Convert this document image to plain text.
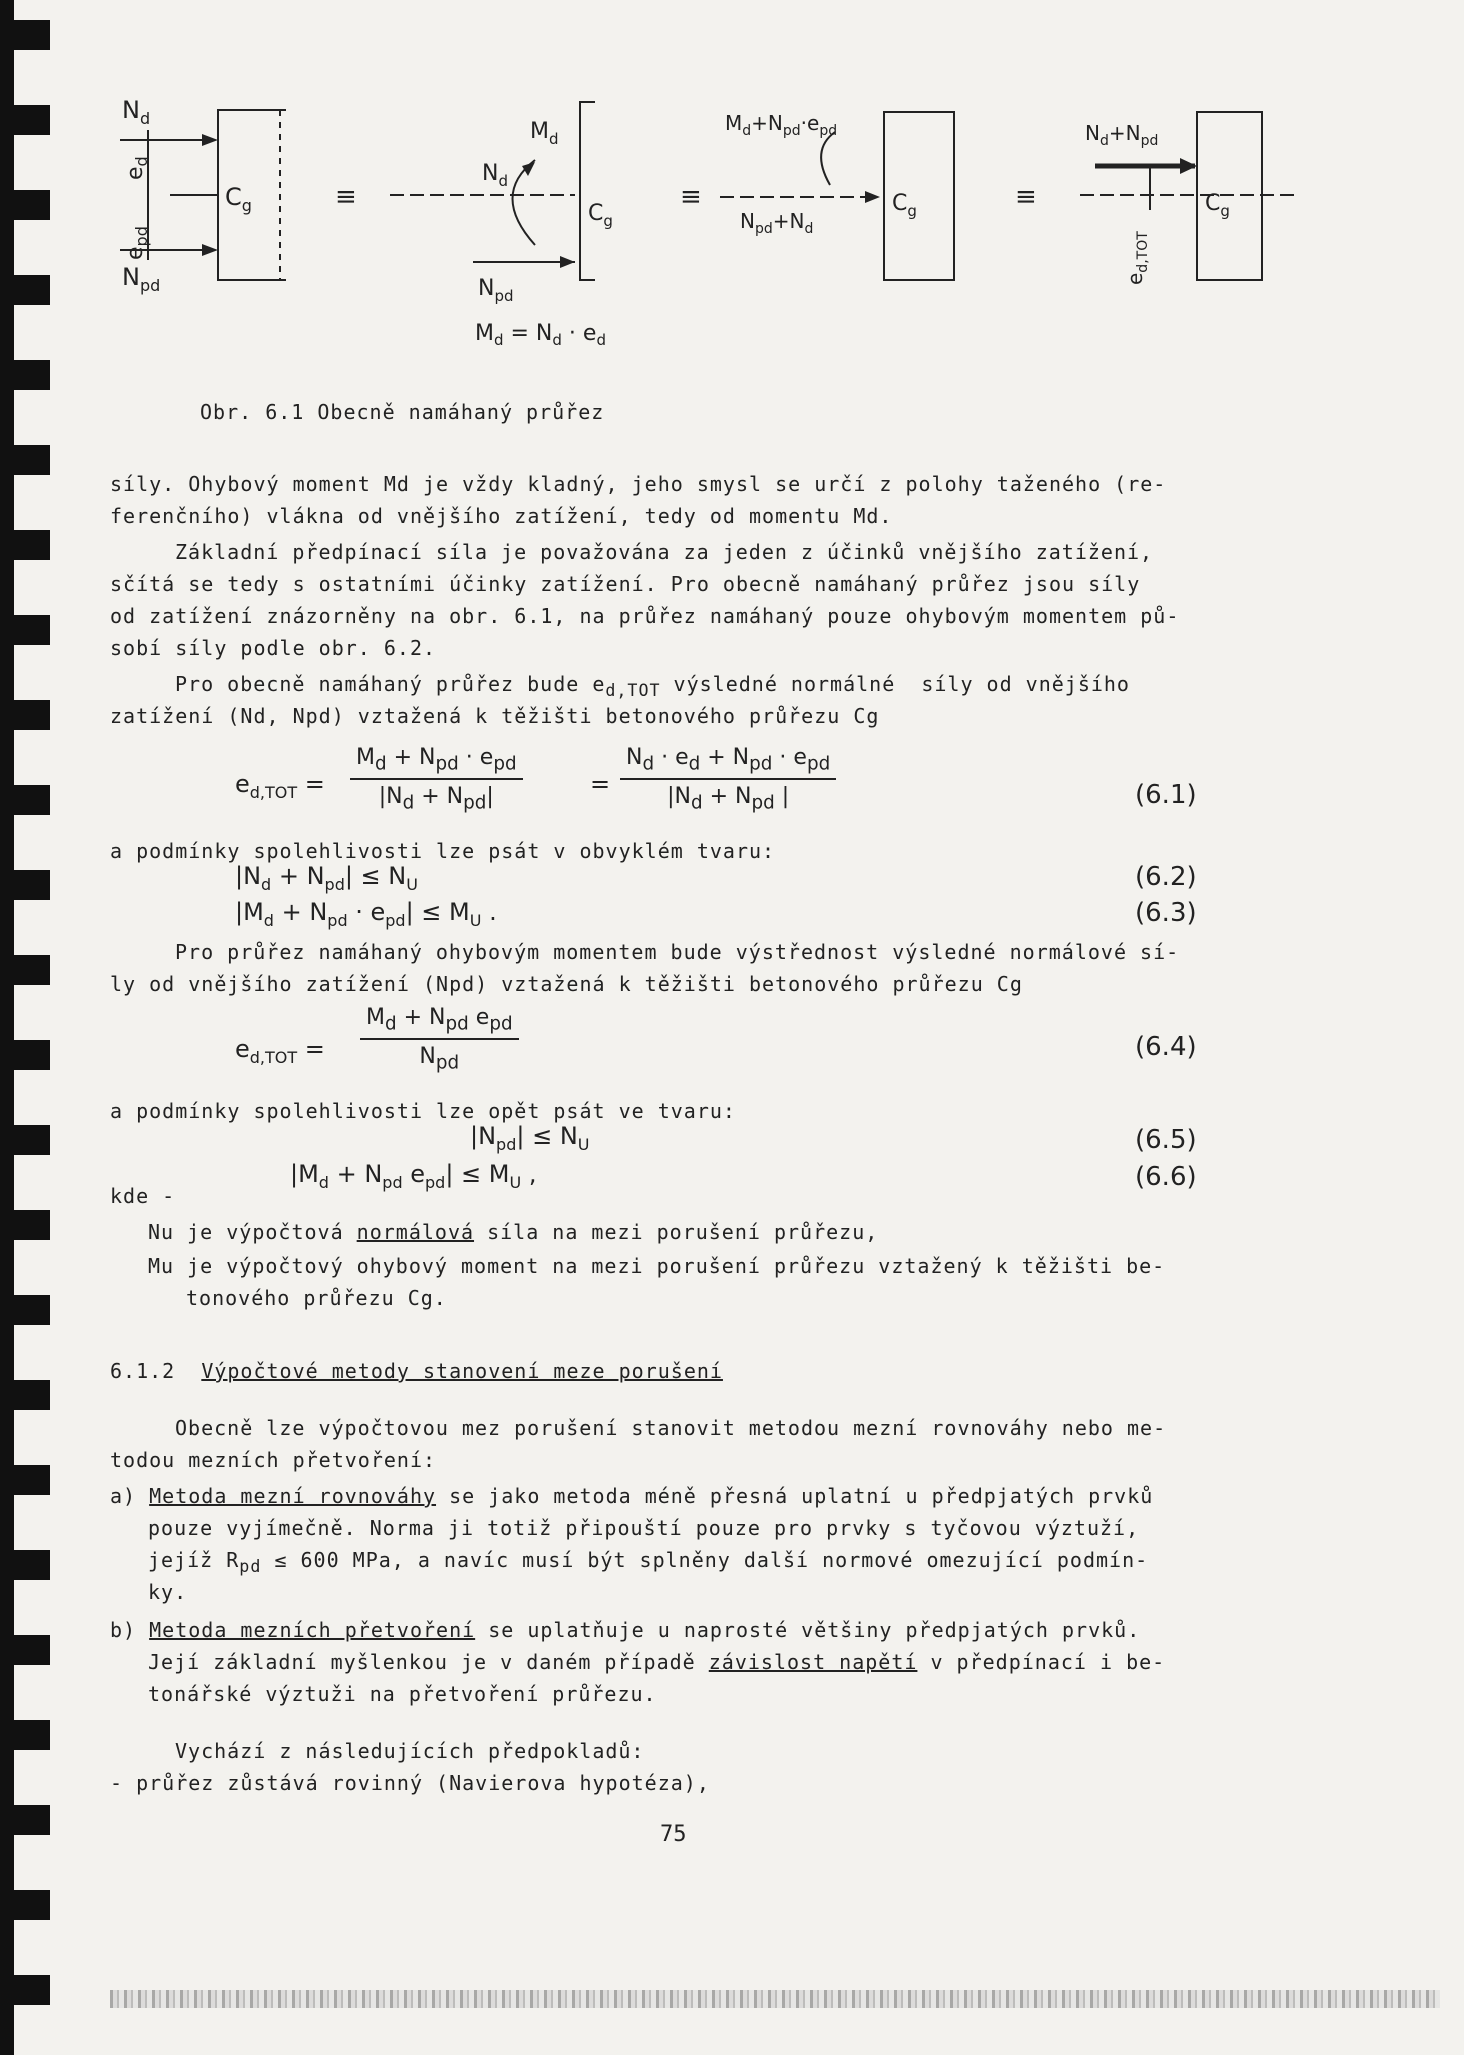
$N_d$
$N_{pd}$
$e_d$
$e_{pd}$
$C_g$	≡
$M_d$
$N_d$
$N_{pd}$
$C_g$
$M_d = N_d \cdot e_d$
≡
$M_d+N_{pd}\cdot e_{pd}$
$N_{pd}+N_d$
$C_g$	≡
$N_d+N_{pd}$
$e_{d,TOT}$
$C_g$
Obr. 6.1 Obecně namáhaný průřez
síly. Ohybový moment Md je vždy kladný, jeho smysl se určí z polohy taženého (re-
ferenčního) vlákna od vnějšího zatížení, tedy od momentu Md.
Základní předpínací síla je považována za jeden z účinků vnějšího zatížení,
sčítá se tedy s ostatními účinky zatížení. Pro obecně namáhaný průřez jsou síly
od zatížení znázorněny na obr. 6.1, na průřez namáhaný pouze ohybovým momentem pů-
sobí síly podle obr. 6.2.
Pro obecně namáhaný průřez bude $e_{d,TOT}$ výsledné normálné  síly od vnějšího
zatížení (Nd, Npd) vztažená k těžišti betonového průřezu Cg
$e_{d,TOT}$ =
$M_d + N_{pd} \cdot e_{pd}$
$|N_d + N_{pd}|$	=
$N_d \cdot e_d + N_{pd} \cdot e_{pd}$
$|N_d + N_{pd}$ |	(6.1)
a podmínky spolehlivosti lze psát v obvyklém tvaru:
$|N_d + N_{pd}| \le N_U$	(6.2)
$|M_d + N_{pd} \cdot e_{pd}| \le M_U$ .	(6.3)
Pro průřez namáhaný ohybovým momentem bude výstřednost výsledné normálové sí-
ly od vnějšího zatížení (Npd) vztažená k těžišti betonového průřezu Cg
$e_{d,TOT}$ =
$M_d + N_{pd}$ $e_{pd}$
$N_{pd}$
(6.4)
a podmínky spolehlivosti lze opět psát ve tvaru:
$|N_{pd}| \le N_U$	(6.5)
$|M_d + N_{pd}$ $e_{pd}| \le M_U$ ,	(6.6)
kde -
Nu je výpočtová normálová síla na mezi porušení průřezu,
Mu je výpočtový ohybový moment na mezi porušení průřezu vztažený k těžišti be-
tonového průřezu Cg.
6.1.2 Výpočtové metody stanovení meze porušení
Obecně lze výpočtovou mez porušení stanovit metodou mezní rovnováhy nebo me-
todou mezních přetvoření:
a) Metoda mezní rovnováhy se jako metoda méně přesná uplatní u předpjatých prvků
pouze vyjímečně. Norma ji totiž připouští pouze pro prvky s tyčovou výztuží,
jejíž $R_{pd} \le 600$ MPa, a navíc musí být splněny další normové omezující podmín-
ky.
b) Metoda mezních přetvoření se uplatňuje u naprosté většiny předpjatých prvků.
Její základní myšlenkou je v daném případě závislost napětí v předpínací i be-
tonářské výztuži na přetvoření průřezu.
Vychází z následujících předpokladů:
- průřez zůstává rovinný (Navierova hypotéza),
75
